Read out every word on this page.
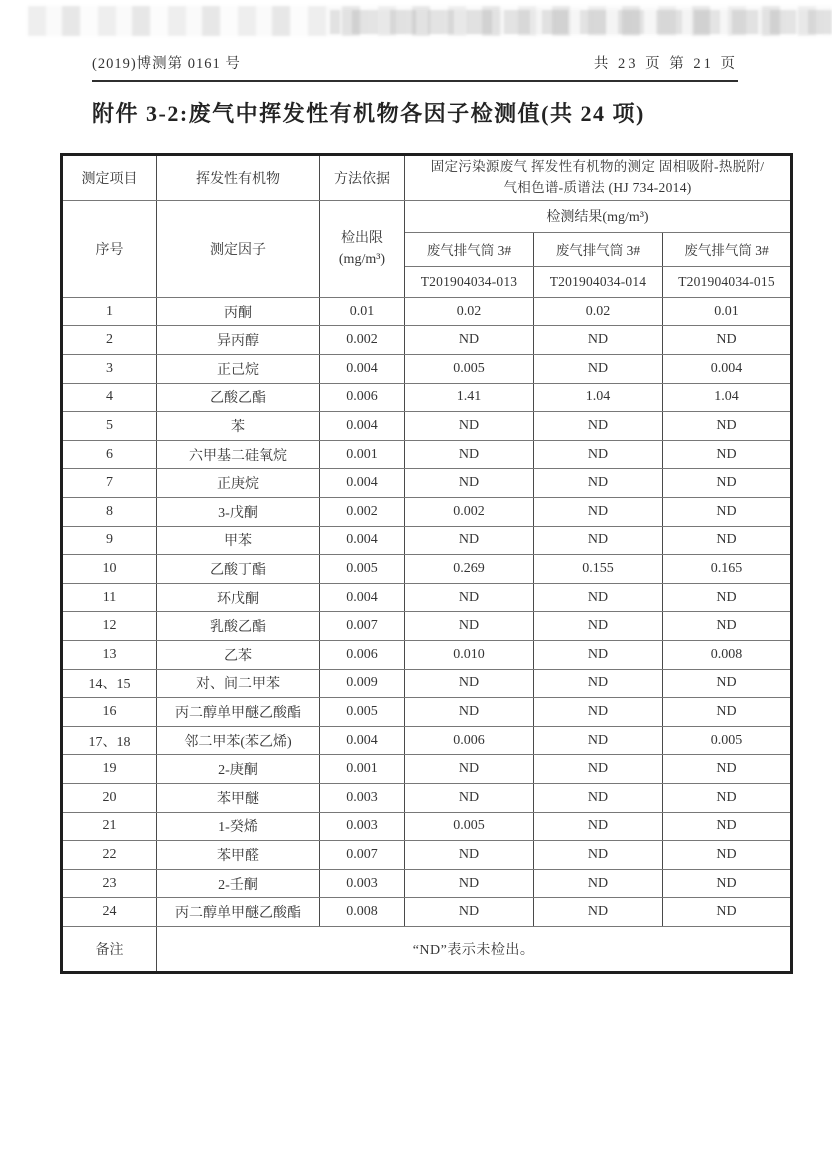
(2019)博测第 0161 号	共 23 页 第 21 页
附件 3-2:废气中挥发性有机物各因子检测值(共 24 项)
测定项目	挥发性有机物	方法依据	固定污染源废气 挥发性有机物的测定 固相吸附-热脱附/
气相色谱-质谱法 (HJ 734-2014)		

序号	测定因子	检出限
(mg/m³)	检测结果(mg/m³)		
			废气排气筒 3#	废气排气筒 3#	废气排气筒 3#
			T201904034-013	T201904034-014	T201904034-015
1	丙酮	0.01	0.02	0.02	0.01
2	异丙醇	0.002	ND	ND	ND
3	正己烷	0.004	0.005	ND	0.004
4	乙酸乙酯	0.006	1.41	1.04	1.04
5	苯	0.004	ND	ND	ND
6	六甲基二硅氧烷	0.001	ND	ND	ND
7	正庚烷	0.004	ND	ND	ND
8	3-戊酮	0.002	0.002	ND	ND
9	甲苯	0.004	ND	ND	ND
10	乙酸丁酯	0.005	0.269	0.155	0.165
11	环戊酮	0.004	ND	ND	ND
12	乳酸乙酯	0.007	ND	ND	ND
13	乙苯	0.006	0.010	ND	0.008
14、15	对、间二甲苯	0.009	ND	ND	ND
16	丙二醇单甲醚乙酸酯	0.005	ND	ND	ND
17、18	邻二甲苯(苯乙烯)	0.004	0.006	ND	0.005
19	2-庚酮	0.001	ND	ND	ND
20	苯甲醚	0.003	ND	ND	ND
21	1-癸烯	0.003	0.005	ND	ND
22	苯甲醛	0.007	ND	ND	ND
23	2-壬酮	0.003	ND	ND	ND
24	丙二醇单甲醚乙酸酯	0.008	ND	ND	ND
备注	“ND”表示未检出。				
